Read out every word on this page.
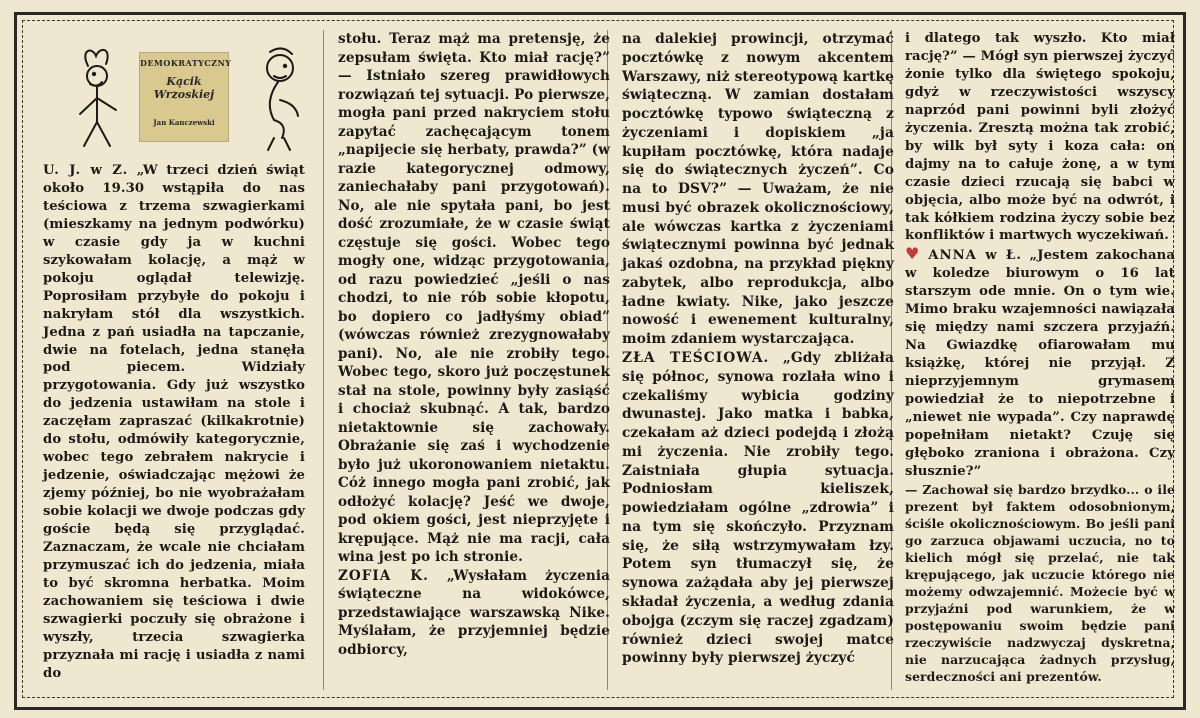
DEMOKRATYCZNY
Kącik Wrzoskiej
Jan Kanczewski

U. J. w Z. „W trzeci dzień świąt około 19.30 wstąpiła do nas teściowa z trzema szwagierkami (mieszkamy na jednym podwórku) w czasie gdy ja w kuchni szykowałam kolację, a mąż w pokoju oglądał telewizję. Poprosiłam przybyłe do pokoju i nakryłam stół dla wszystkich. Jedna z pań usiadła na tapczanie, dwie na fotelach, jedna stanęła pod piecem. Widziały przygotowania. Gdy już wszystko do jedzenia ustawiłam na stole i zaczęłam zapraszać (kilkakrotnie) do stołu, odmówiły kategorycznie, wobec tego zebrałem nakrycie i jedzenie, oświadczając mężowi że zjemy później, bo nie wyobrażałam sobie kolacji we dwoje podczas gdy goście będą się przyglądać. Zaznaczam, że wcale nie chciałam przymuszać ich do jedzenia, miała to być skromna herbatka. Moim zachowaniem się teściowa i dwie szwagierki poczuły się obrażone i wyszły, trzecia szwagierka przyznała mi rację i usiadła z nami do

stołu. Teraz mąż ma pretensję, że zepsułam święta. Kto miał rację?” — Istniało szereg prawidłowych rozwiązań tej sytuacji. Po pierwsze, mogła pani przed nakryciem stołu zapytać zachęcającym tonem „napijecie się herbaty, prawda?” (w razie kategorycznej odmowy, zaniechałaby pani przygotowań). No, ale nie spytała pani, bo jest dość zrozumiałe, że w czasie świąt częstuje się gości. Wobec tego mogły one, widząc przygotowania, od razu powiedzieć „jeśli o nas chodzi, to nie rób sobie kłopotu, bo dopiero co jadłyśmy obiad” (wówczas również zrezygnowałaby pani). No, ale nie zrobiły tego. Wobec tego, skoro już poczęstunek stał na stole, powinny były zasiąść i chociaż skubnąć. A tak, bardzo nietaktownie się zachowały. Obrażanie się zaś i wychodzenie było już ukoronowaniem nietaktu. Cóż innego mogła pani zrobić, jak odłożyć kolację? Jeść we dwoje, pod okiem gości, jest nieprzyjęte i krępujące. Mąż nie ma racji, cała wina jest po ich stronie.

ZOFIA K. „Wysłałam życzenia świąteczne na widokówce, przedstawiające warszawską Nike. Myślałam, że przyjemniej będzie odbiorcy,

na dalekiej prowincji, otrzymać pocztówkę z nowym akcentem Warszawy, niż stereotypową kartkę świąteczną. W zamian dostałam pocztówkę typowo świąteczną z życzeniami i dopiskiem „ja kupiłam pocztówkę, która nadaje się do świątecznych życzeń”. Co na to DSV?” — Uważam, że nie musi być obrazek okolicznościowy, ale wówczas kartka z życzeniami świątecznymi powinna być jednak jakaś ozdobna, na przykład piękny zabytek, albo reprodukcja, albo ładne kwiaty. Nike, jako jeszcze nowość i ewenement kulturalny, moim zdaniem wystarczająca.

ZŁA TEŚCIOWA. „Gdy zbliżała się północ, synowa rozlała wino i czekaliśmy wybicia godziny dwunastej. Jako matka i babka, czekałam aż dzieci podejdą i złożą mi życzenia. Nie zrobiły tego. Zaistniała głupia sytuacja. Podniosłam kieliszek, powiedziałam ogólne „zdrowia” i na tym się skończyło. Przyznam się, że siłą wstrzymywałam łzy. Potem syn tłumaczył się, że synowa zażądała aby jej pierwszej składał życzenia, a według zdania obojga (zczym się raczej zgadzam) również dzieci swojej matce powinny były pierwszej życzyć

i dlatego tak wyszło. Kto miał rację?” — Mógł syn pierwszej życzyć żonie tylko dla świętego spokoju, gdyż w rzeczywistości wszyscy naprzód pani powinni byli złożyć życzenia. Zresztą można tak zrobić, by wilk był syty i koza cała: on dajmy na to całuje żonę, a w tym czasie dzieci rzucają się babci w objęcia, albo może być na odwrót, i tak kółkiem rodzina życzy sobie bez konfliktów i martwych wyczekiwań.

♥ ANNA w Ł. „Jestem zakochana w koledze biurowym o 16 lat starszym ode mnie. On o tym wie. Mimo braku wzajemności nawiązała się między nami szczera przyjaźń. Na Gwiazdkę ofiarowałam mu książkę, której nie przyjął. Z nieprzyjemnym grymasem powiedział że to niepotrzebne i „niewet nie wypada”. Czy naprawdę popełniłam nietakt? Czuję się głęboko zraniona i obrażona. Czy słusznie?”

— Zachował się bardzo brzydko... o ile prezent był faktem odosobnionym, ściśle okolicznościowym. Bo jeśli pani go zarzuca objawami uczucia, no to kielich mógł się przelać, nie tak krępującego, jak uczucie którego nie możemy odwzajemnić. Możecie być w przyjaźni pod warunkiem, że w postępowaniu swoim będzie pani rzeczywiście nadzwyczaj dyskretna, nie narzucająca żadnych przysług, serdeczności ani prezentów.
